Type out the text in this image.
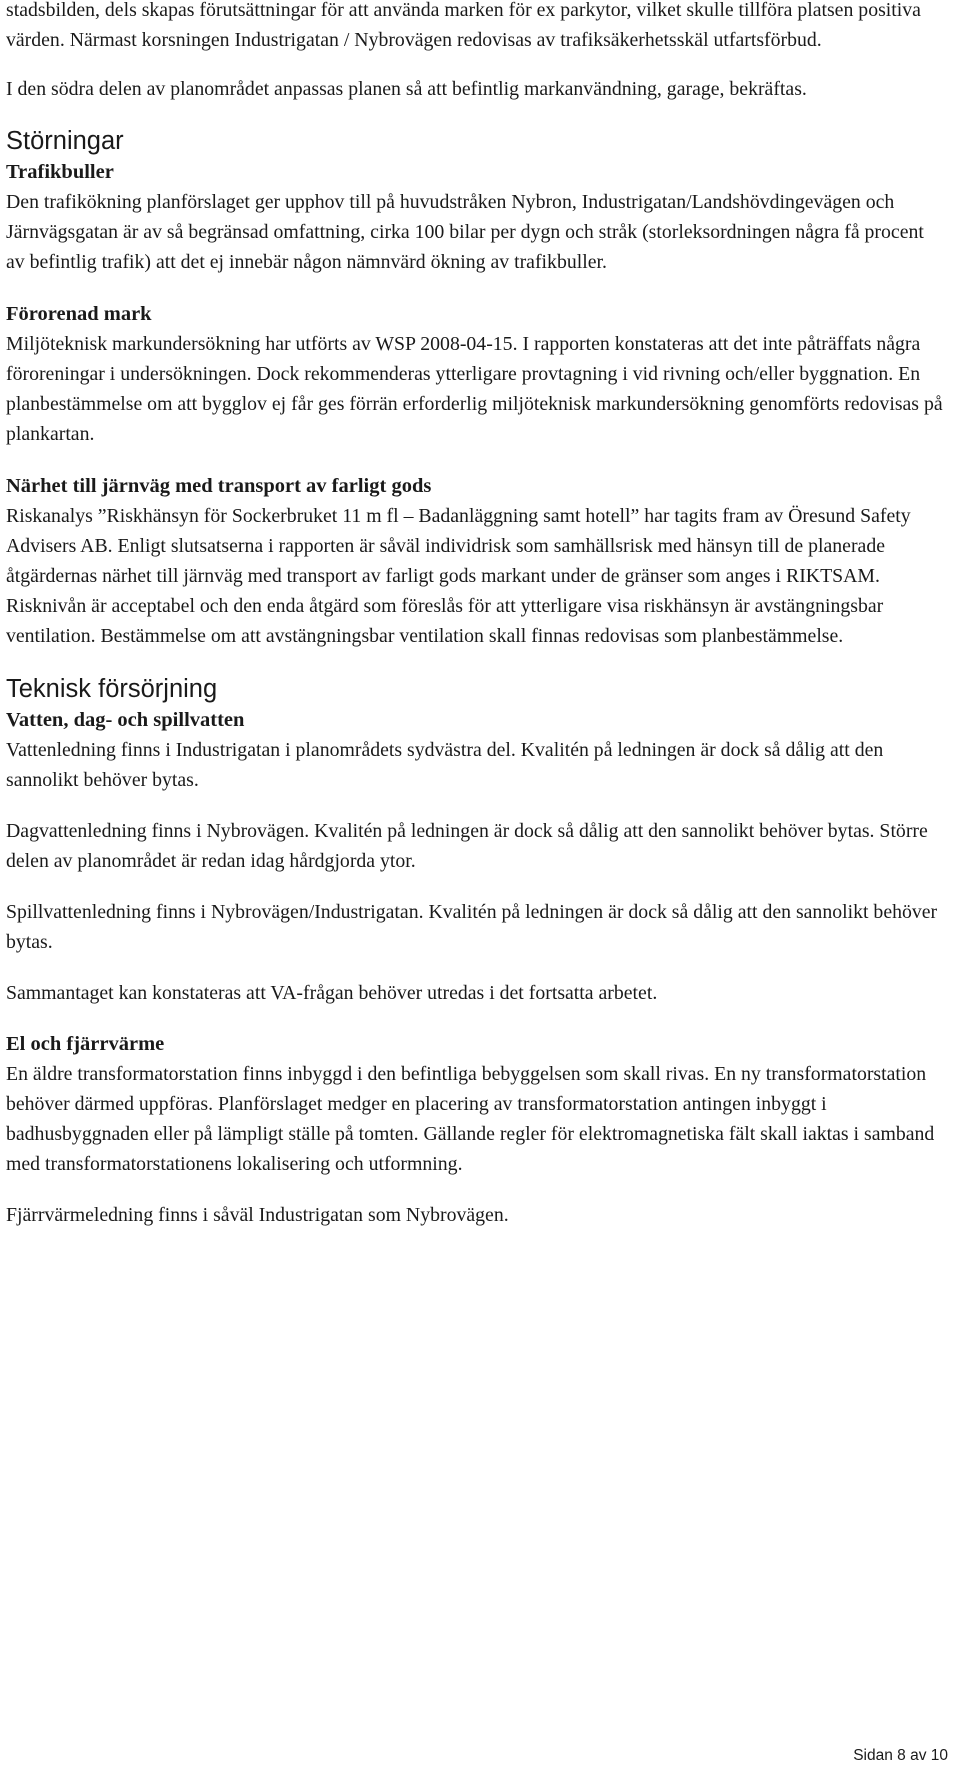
stadsbilden, dels skapas förutsättningar för att använda marken för ex parkytor, vilket skulle tillföra platsen positiva värden. Närmast korsningen Industrigatan / Nybrovägen redovisas av trafiksäkerhetsskäl utfartsförbud.

I den södra delen av planområdet anpassas planen så att befintlig markanvändning, garage, bekräftas.

Störningar
Trafikbuller

Den trafikökning planförslaget ger upphov till på huvudstråken Nybron, Industrigatan/Landshövdingevägen och Järnvägsgatan är av så begränsad omfattning, cirka 100 bilar per dygn och stråk (storleksordningen några få procent av befintlig trafik) att det ej innebär någon nämnvärd ökning av trafikbuller.

Förorenad mark

Miljöteknisk markundersökning har utförts av WSP 2008-04-15. I rapporten konstateras att det inte påträffats några föroreningar i undersökningen. Dock rekommenderas ytterligare provtagning i vid rivning och/eller byggnation. En planbestämmelse om att bygglov ej får ges förrän erforderlig miljöteknisk markundersökning genomförts redovisas på plankartan.

Närhet till järnväg med transport av farligt gods

Riskanalys ”Riskhänsyn för Sockerbruket 11 m fl – Badanläggning samt hotell” har tagits fram av Öresund Safety Advisers AB. Enligt slutsatserna i rapporten är såväl individrisk som samhällsrisk med hänsyn till de planerade åtgärdernas närhet till järnväg med transport av farligt gods markant under de gränser som anges i RIKTSAM. Risknivån är acceptabel och den enda åtgärd som föreslås för att ytterligare visa riskhänsyn är avstängningsbar ventilation. Bestämmelse om att avstängningsbar ventilation skall finnas redovisas som planbestämmelse.

Teknisk försörjning
Vatten, dag- och spillvatten

Vattenledning finns i Industrigatan i planområdets sydvästra del. Kvalitén på ledningen är dock så dålig att den sannolikt behöver bytas.

Dagvattenledning finns i Nybrovägen. Kvalitén på ledningen är dock så dålig att den sannolikt behöver bytas. Större delen av planområdet är redan idag hårdgjorda ytor.

Spillvattenledning finns i Nybrovägen/Industrigatan. Kvalitén på ledningen är dock så dålig att den sannolikt behöver bytas.

Sammantaget kan konstateras att VA-frågan behöver utredas i det fortsatta arbetet.

El och fjärrvärme

En äldre transformatorstation finns inbyggd i den befintliga bebyggelsen som skall rivas. En ny transformatorstation behöver därmed uppföras. Planförslaget medger en placering av transformatorstation antingen inbyggt i badhusbyggnaden eller på lämpligt ställe på tomten. Gällande regler för elektromagnetiska fält skall iaktas i samband med transformatorstationens lokalisering och utformning.

Fjärrvärmeledning finns i såväl Industrigatan som Nybrovägen.

Sidan 8 av 10
